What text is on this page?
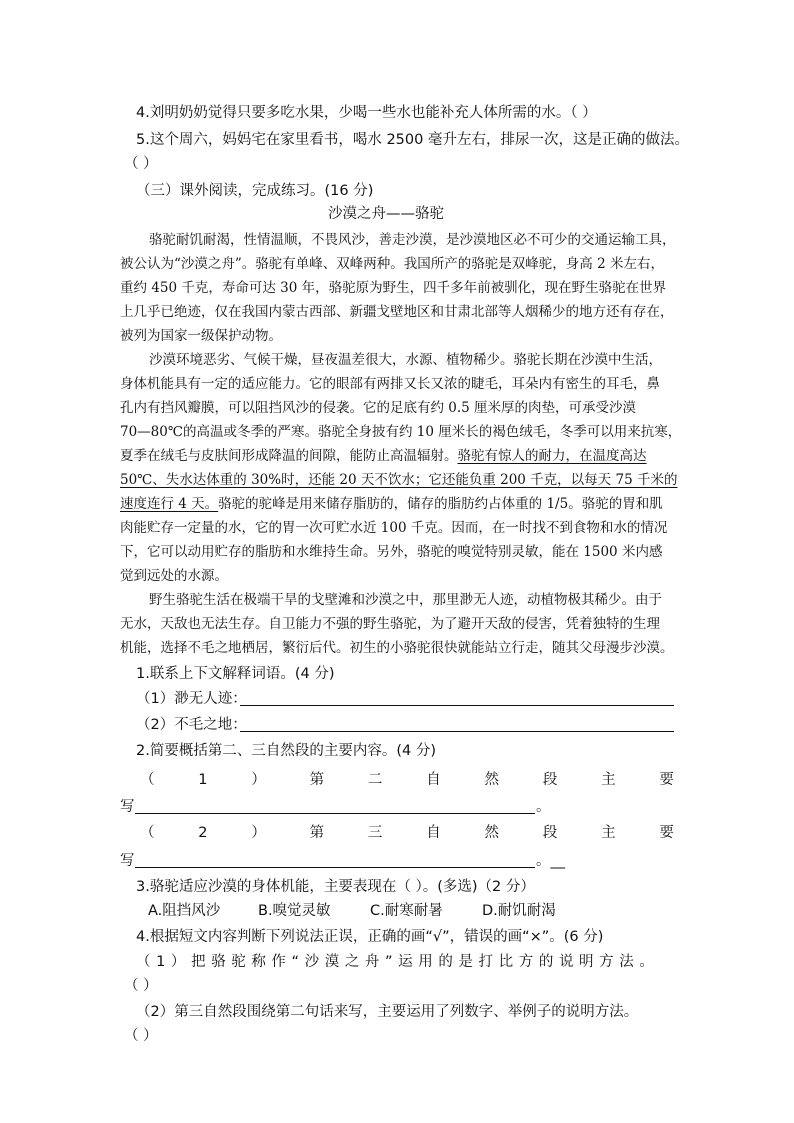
4.刘明奶奶觉得只要多吃水果，少喝一些水也能补充人体所需的水。（ ）
5.这个周六，妈妈宅在家里看书，喝水 2500 毫升左右，排尿一次，这是正确的做法。
（ ）
（三）课外阅读，完成练习。(16 分)
沙漠之舟——骆驼
骆驼耐饥耐渴，性情温顺，不畏风沙，善走沙漠，是沙漠地区必不可少的交通运输工具，
被公认为“沙漠之舟”。骆驼有单峰、双峰两种。我国所产的骆驼是双峰驼，身高 2 米左右，
重约 450 千克，寿命可达 30 年，骆驼原为野生，四千多年前被驯化，现在野生骆驼在世界
上几乎已绝迹，仅在我国内蒙古西部、新疆戈壁地区和甘肃北部等人烟稀少的地方还有存在，
被列为国家一级保护动物。
沙漠环境恶劣、气候干燥，昼夜温差很大，水源、植物稀少。骆驼长期在沙漠中生活，
身体机能具有一定的适应能力。它的眼部有两排又长又浓的睫毛，耳朵内有密生的耳毛，鼻
孔内有挡风瓣膜，可以阻挡风沙的侵袭。它的足底有约 0.5 厘米厚的肉垫，可承受沙漠
70—80℃的高温或冬季的严寒。骆驼全身披有约 10 厘米长的褐色绒毛，冬季可以用来抗寒，
夏季在绒毛与皮肤间形成降温的间隙，能防止高温辐射。骆驼有惊人的耐力，在温度高达
50℃、失水达体重的 30%时，还能 20 天不饮水；它还能负重 200 千克，以每天 75 千米的
速度连行 4 天。骆驼的驼峰是用来储存脂肪的，储存的脂肪约占体重的 1/5。骆驼的胃和肌
肉能贮存一定量的水，它的胃一次可贮水近 100 千克。因而，在一时找不到食物和水的情况
下，它可以动用贮存的脂肪和水维持生命。另外，骆驼的嗅觉特别灵敏，能在 1500 米内感
觉到远处的水源。
野生骆驼生活在极端干旱的戈壁滩和沙漠之中，那里渺无人迹，动植物极其稀少。由于
无水，天敌也无法生存。自卫能力不强的野生骆驼，为了避开天敌的侵害，凭着独特的生理
机能，选择不毛之地栖居，繁衍后代。初生的小骆驼很快就能站立行走，随其父母漫步沙漠。
1.联系上下文解释词语。(4 分)
（1）渺无人迹：
（2）不毛之地：
2.简要概括第二、三自然段的主要内容。(4 分)
（	1	）	第	二	自	然	段	主	要
写	。
（	2	）	第	三	自	然	段	主	要
写	。__
3.骆驼适应沙漠的身体机能，主要表现在（ ）。(多选)（2 分）
A.阻挡风沙	B.嗅觉灵敏	C.耐寒耐暑	D.耐饥耐渴
4.根据短文内容判断下列说法正误，正确的画“√”，错误的画“×”。(6 分)
（1）把骆驼称作“沙漠之舟”运用的是打比方的说明方法。
（ ）
（2）第三自然段围绕第二句话来写，主要运用了列数字、举例子的说明方法。
（ ）
